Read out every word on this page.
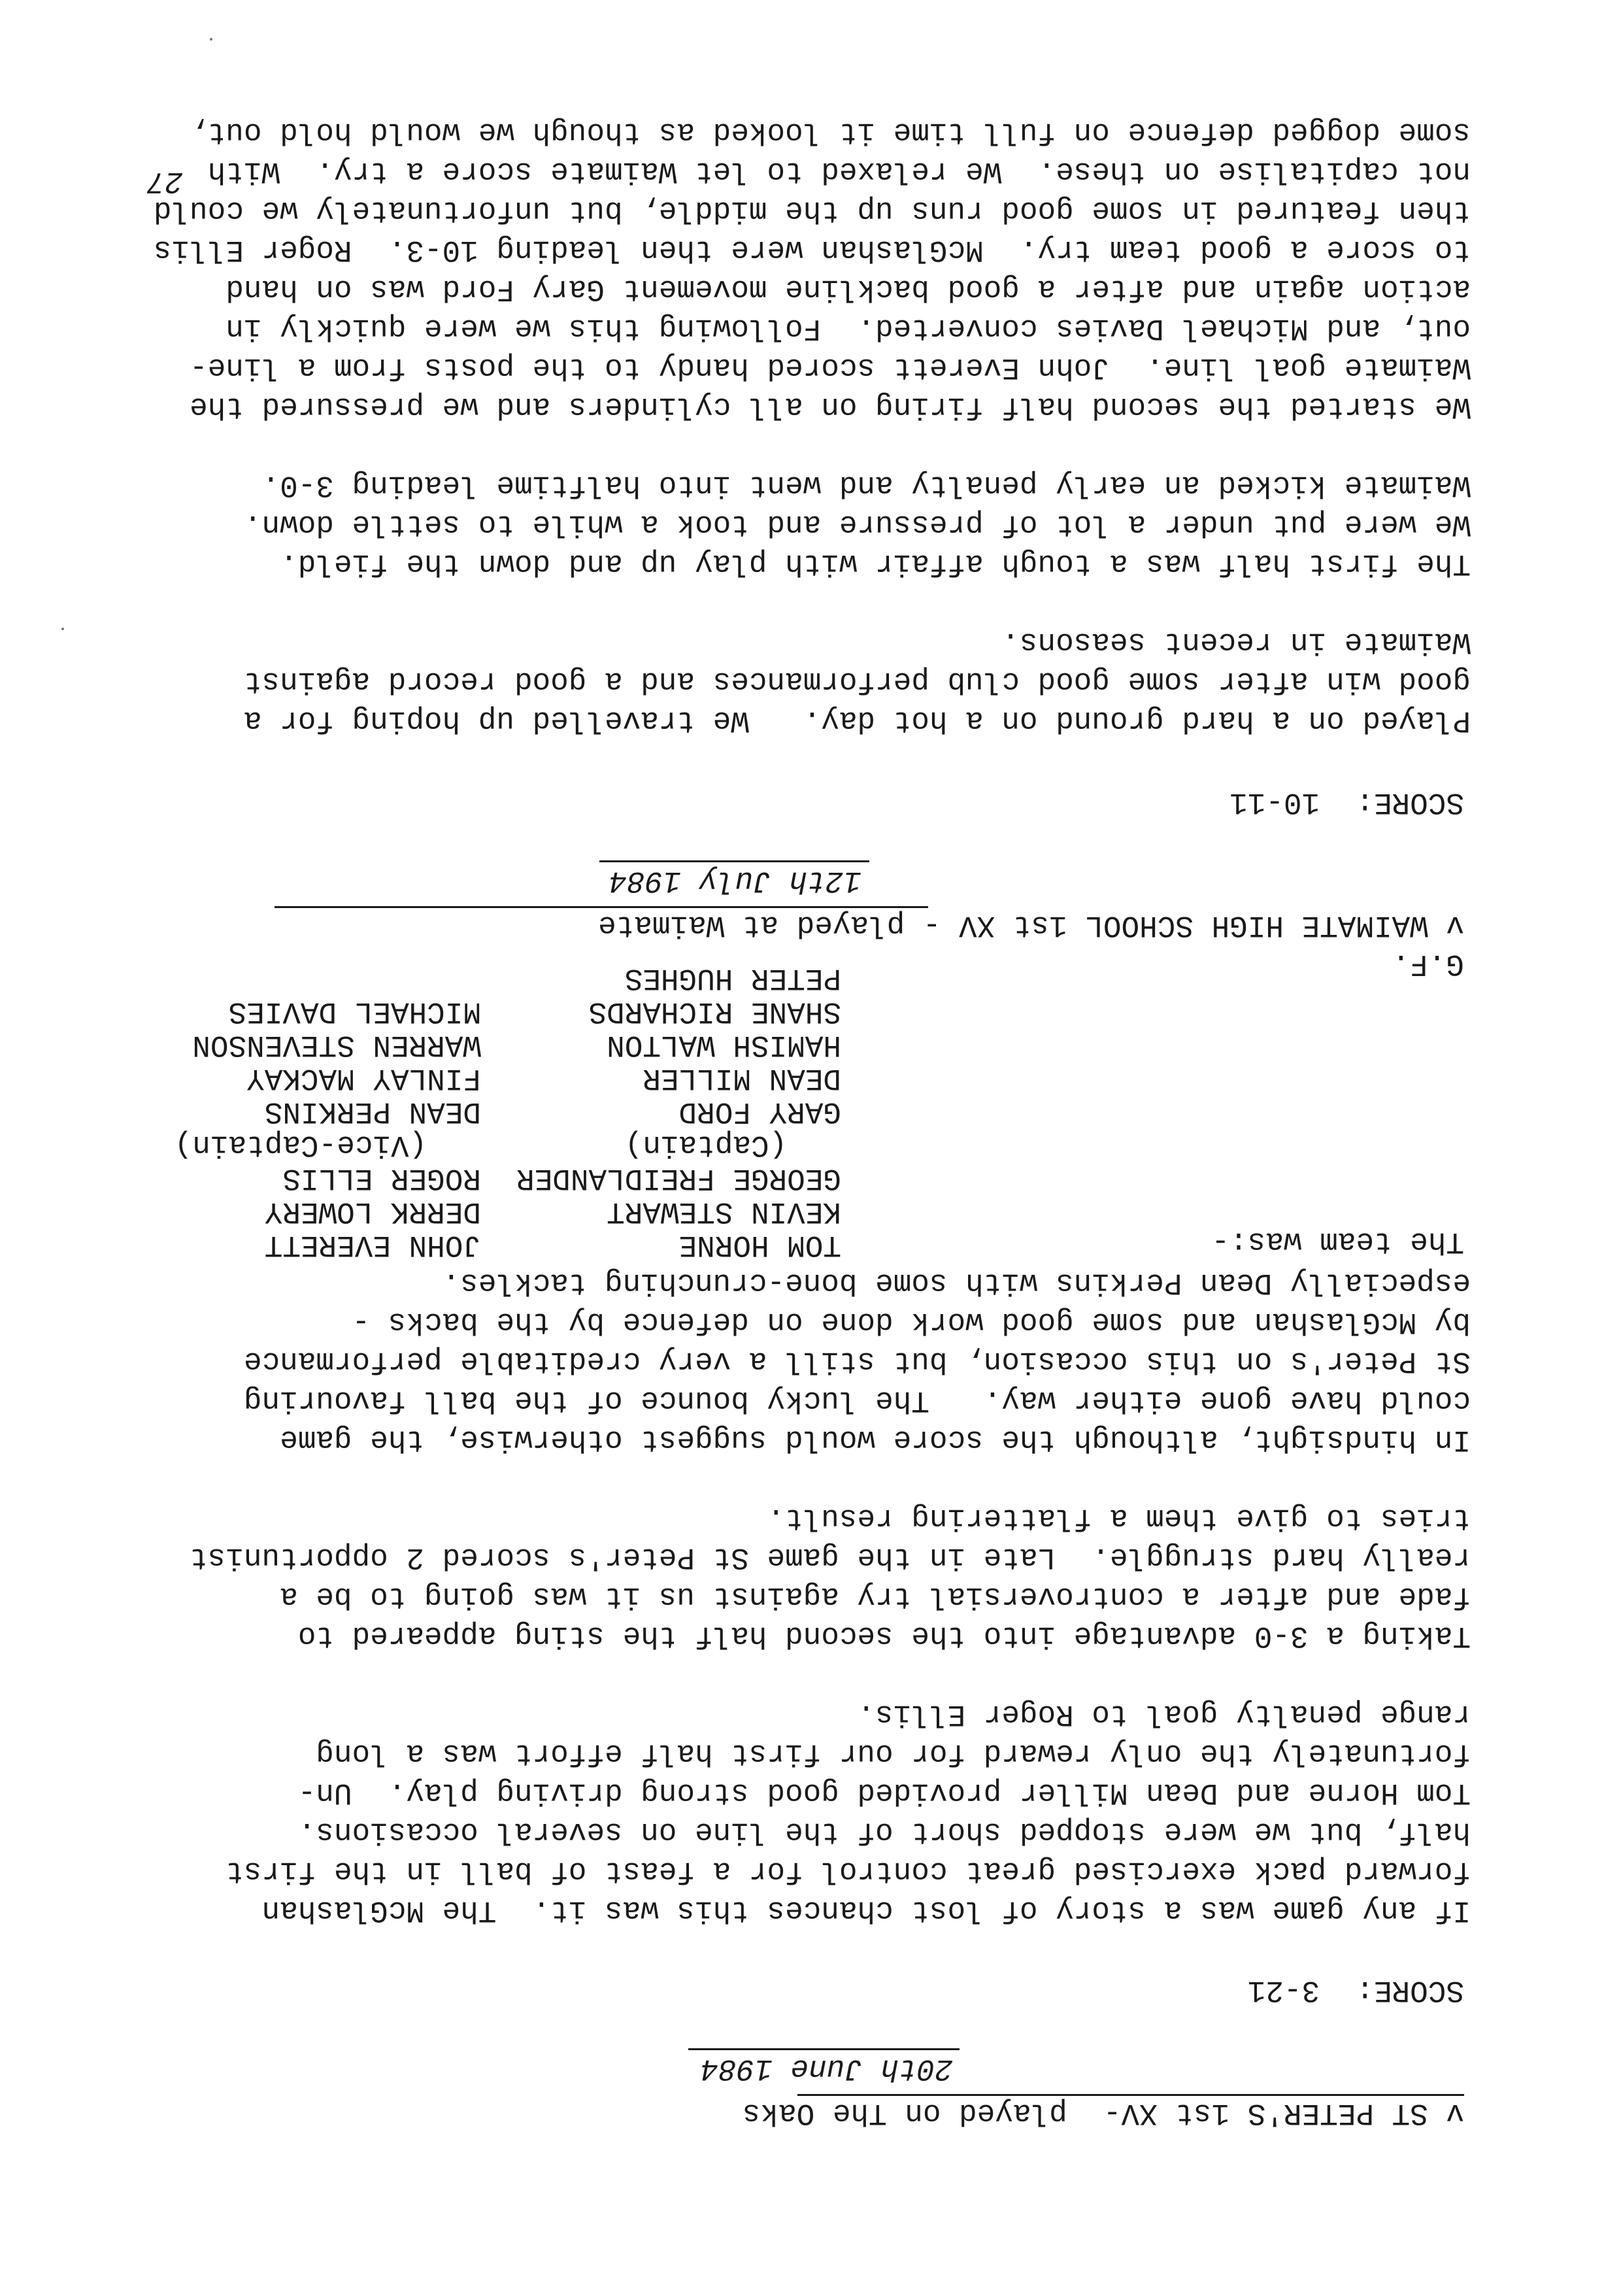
v ST PETER'S 1st XV-  played on The Oaks
20th June 1984
SCORE:  3-21
If any game was a story of lost chances this was it.  The McGlashan
forward pack exercised great control for a feast of ball in the first
half, but we were stopped short of the line on several occasions.
Tom Horne and Dean Miller provided good strong driving play.  Un-
fortunately the only reward for our first half effort was a long
range penalty goal to Roger Ellis.

Taking a 3-0 advantage into the second half the sting appeared to
fade and after a controversial try against us it was going to be a
really hard struggle.  Late in the game St Peter's scored 2 opportunist
tries to give them a flattering result.

In hindsight, although the score would suggest otherwise, the game
could have gone either way.   The lucky bounce of the ball favouring
St Peter's on this occasion, but still a very creditable performance
by McGlashan and some good work done on defence by the backs -
especially Dean Perkins with some bone-crunching tackles.
The team was:-
TOM HORNE
KEVIN STEWART
GEORGE FREIDLANDER
(Captain)
GARY FORD
DEAN MILLER
HAMISH WALTON
SHANE RICHARDS
PETER HUGHES
JOHN EVERETT
DERRK LOWERY
ROGER ELLIS
(Vice-Captain)
DEAN PERKINS
FINLAY MACKAY
WARREN STEVENSON
MICHAEL DAVIES
G.F.
v WAIMATE HIGH SCHOOL 1st XV - played at Waimate
12th July 1984
SCORE:  10-11
Played on a hard ground on a hot day.   We travelled up hoping for a
good win after some good club performances and a good record against
Waimate in recent seasons.

The first half was a tough affair with play up and down the field.
We were put under a lot of pressure and took a while to settle down.
Waimate kicked an early penalty and went into halftime leading 3-0.

We started the second half firing on all cylinders and we pressured the
Waimate goal line.  John Everett scored handy to the posts from a line-
out, and Michael Davies converted.  Following this we were quickly in
action again and after a good backline movement Gary Ford was on hand
to score a good team try.  McGlashan were then leading 10-3.  Roger Ellis
then featured in some good runs up the middle, but unfortunately we could
not capitalise on these.  We relaxed to let Waimate score a try.  With
some dogged defence on full time it looked as though we would hold out,
27
